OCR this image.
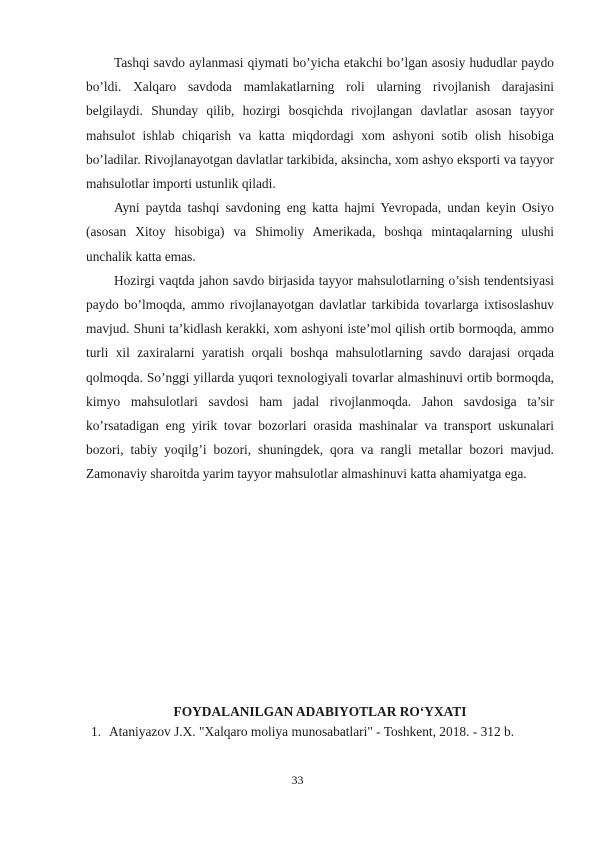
Tashqi savdo aylanmasi qiymati bo’yicha etakchi bo’lgan asosiy hududlar paydo bo’ldi. Xalqaro savdoda mamlakatlarning roli ularning rivojlanish darajasini belgilaydi. Shunday qilib, hozirgi bosqichda rivojlangan davlatlar asosan tayyor mahsulot ishlab chiqarish va katta miqdordagi xom ashyoni sotib olish hisobiga bo’ladilar. Rivojlanayotgan davlatlar tarkibida, aksincha, xom ashyo eksporti va tayyor mahsulotlar importi ustunlik qiladi.

Ayni paytda tashqi savdoning eng katta hajmi Yevropada, undan keyin Osiyo (asosan Xitoy hisobiga) va Shimoliy Amerikada, boshqa mintaqalarning ulushi unchalik katta emas.

Hozirgi vaqtda jahon savdo birjasida tayyor mahsulotlarning o’sish tendentsiyasi paydo bo’lmoqda, ammo rivojlanayotgan davlatlar tarkibida tovarlarga ixtisoslashuv mavjud. Shuni ta’kidlash kerakki, xom ashyoni iste’mol qilish ortib bormoqda, ammo turli xil zaxiralarni yaratish orqali boshqa mahsulotlarning savdo darajasi orqada qolmoqda. So’nggi yillarda yuqori texnologiyali tovarlar almashinuvi ortib bormoqda, kimyo mahsulotlari savdosi ham jadal rivojlanmoqda. Jahon savdosiga ta’sir ko’rsatadigan eng yirik tovar bozorlari orasida mashinalar va transport uskunalari bozori, tabiy yoqilg’i bozori, shuningdek, qora va rangli metallar bozori mavjud. Zamonaviy sharoitda yarim tayyor mahsulotlar almashinuvi katta ahamiyatga ega.

FOYDALANILGAN ADABIYOTLAR RO‘YXATI
1. Ataniyazov J.X. "Xalqaro moliya munosabatlari" - Toshkent, 2018. - 312 b.

33
